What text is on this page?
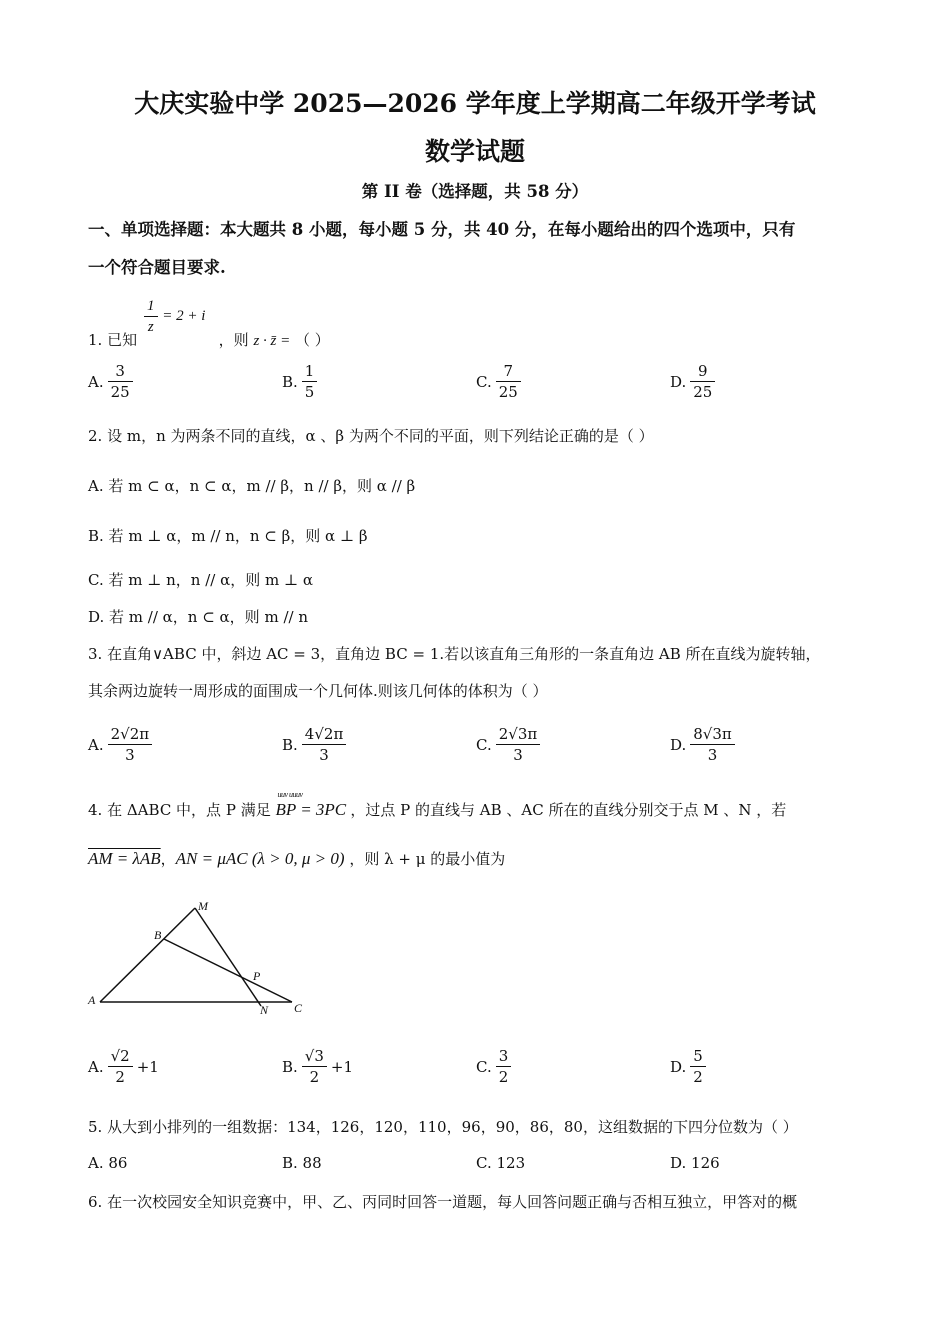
大庆实验中学 2025—2026 学年度上学期高二年级开学考试
数学试题
第 II 卷（选择题，共 58 分）
一、单项选择题：本大题共 8 小题，每小题 5 分，共 40 分，在每小题给出的四个选项中，只有
一个符合题目要求.
$\frac{1}{z} = 2 + i$
1. 已知	，则 z · z̄ = （ ）
A. $\frac{3}{25}$	B. $\frac{1}{5}$	C. $\frac{7}{25}$	D. $\frac{9}{25}$
2. 设 m，n 为两条不同的直线，α 、β 为两个不同的平面，则下列结论正确的是（ ）
A. 若 m ⊂ α，n ⊂ α，m // β，n // β，则 α // β
B. 若 m ⊥ α，m // n，n ⊂ β，则 α ⊥ β
C. 若 m ⊥ n，n // α，则 m ⊥ α
D. 若 m // α，n ⊂ α，则 m // n
3. 在直角∨ABC 中，斜边 AC = 3，直角边 BC = 1.若以该直角三角形的一条直角边 AB 所在直线为旋转轴，
其余两边旋转一周形成的面围成一个几何体.则该几何体的体积为（ ）
A. $\frac{2√2\pi}{3}$	B. $\frac{4√2\pi}{3}$	C. $\frac{2√3\pi}{3}$	D. $\frac{8√3\pi}{3}$
4. 在 ΔABC 中，点 P 满足
uuv uuuv
BP = 3PC ，过点 P 的直线与 AB 、AC 所在的直线分别交于点 M 、N ，若
AM = λAB，AN = μAC (λ > 0, μ > 0) ，则 λ + μ 的最小值为
M
B
P
A
N C
A. $\frac{√2}{2} +1$	B. $\frac{√3}{2} +1$	C. $\frac{3}{2}$	D. $\frac{5}{2}$
5. 从大到小排列的一组数据：134，126，120，110，96，90，86，80，这组数据的下四分位数为（ ）
A. 86	B. 88	C. 123	D. 126
6. 在一次校园安全知识竞赛中，甲、乙、丙同时回答一道题，每人回答问题正确与否相互独立，甲答对的概
